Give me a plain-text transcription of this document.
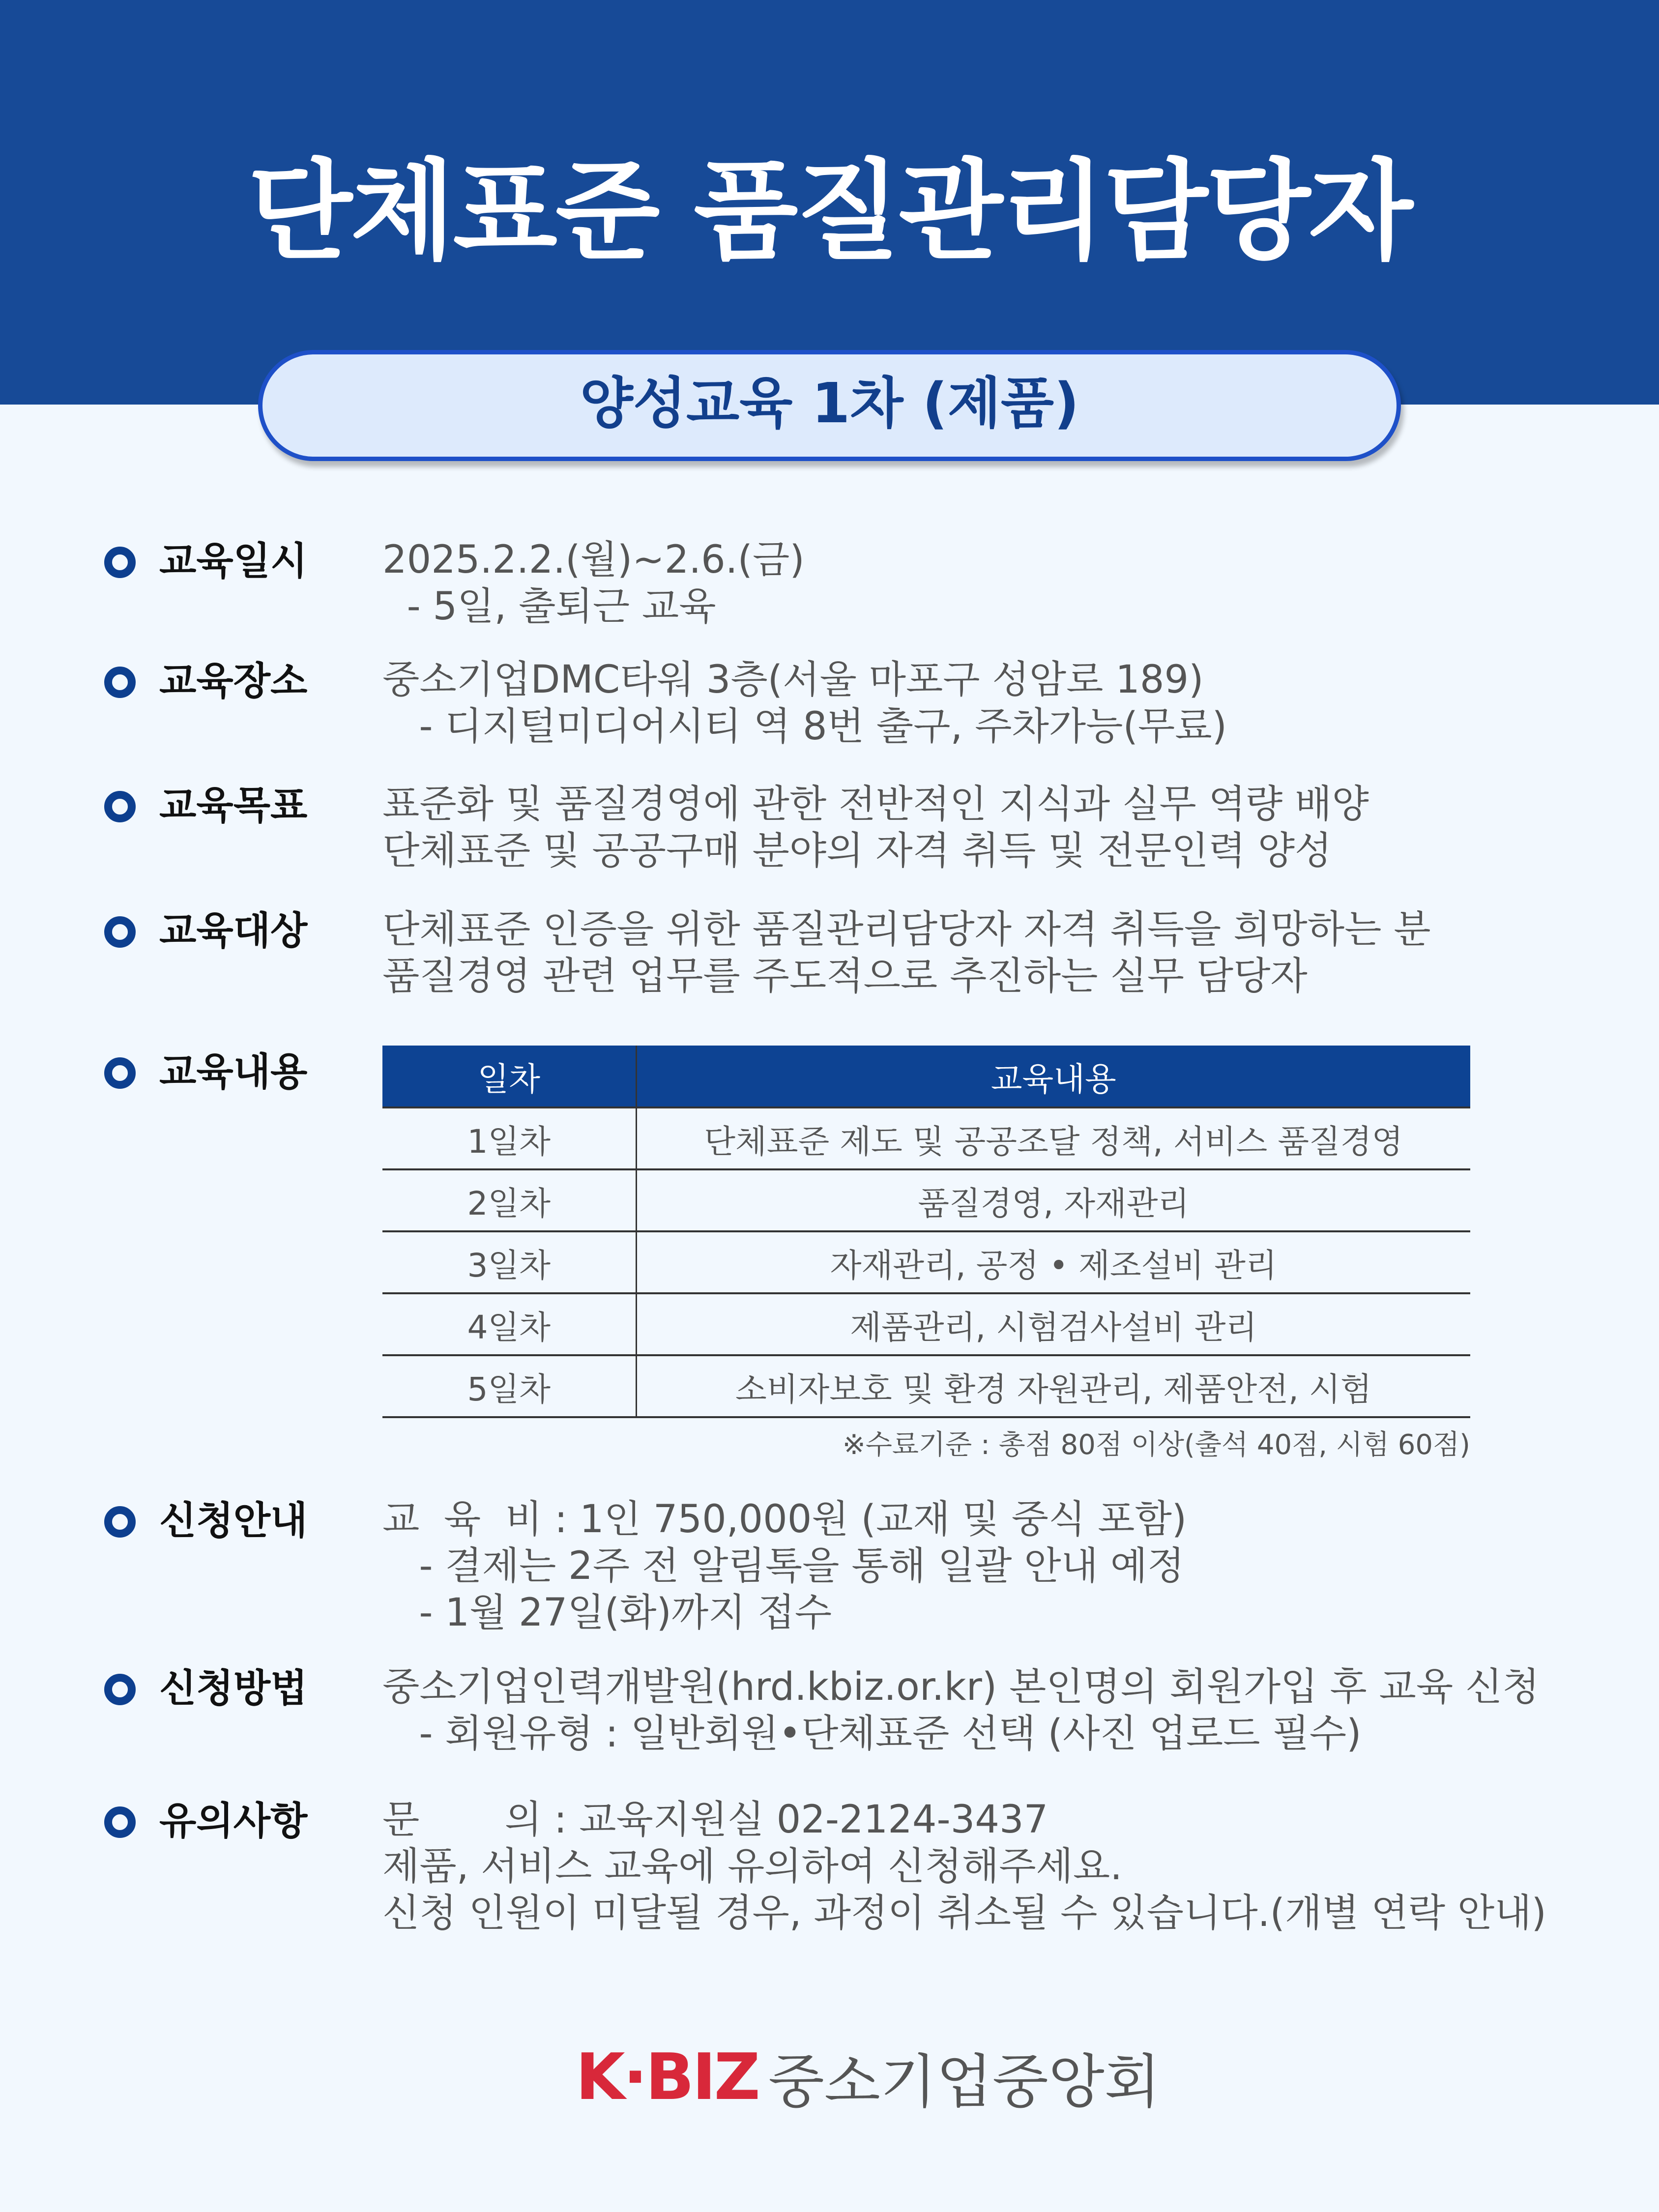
단체표준 품질관리담당자
양성교육 1차 (제품)
교육일시 2025.2.2.(월)~2.6.(금)
- 5일, 출퇴근 교육
교육장소 중소기업DMC타워 3층(서울 마포구 성암로 189)
- 디지털미디어시티 역 8번 출구, 주차가능(무료)
교육목표 표준화 및 품질경영에 관한 전반적인 지식과 실무 역량 배양
단체표준 및 공공구매 분야의 자격 취득 및 전문인력 양성
교육대상 단체표준 인증을 위한 품질관리담당자 자격 취득을 희망하는 분
품질경영 관련 업무를 주도적으로 추진하는 실무 담당자
교육내용
신청안내 교  육  비 : 1인 750,000원 (교재 및 중식 포함)
- 결제는 2주 전 알림톡을 통해 일괄 안내 예정
- 1월 27일(화)까지 접수
신청방법 중소기업인력개발원(hrd.kbiz.or.kr) 본인명의 회원가입 후 교육 신청
- 회원유형 : 일반회원•단체표준 선택 (사진 업로드 필수)
유의사항 문       의 : 교육지원실 02-2124-3437
제품, 서비스 교육에 유의하여 신청해주세요.
신청 인원이 미달될 경우, 과정이 취소될 수 있습니다.(개별 연락 안내)
일차	교육내용
1일차	단체표준 제도 및 공공조달 정책, 서비스 품질경영
2일차	품질경영, 자재관리
3일차	자재관리, 공정 • 제조설비 관리
4일차	제품관리, 시험검사설비 관리
5일차	소비자보호 및 환경 자원관리, 제품안전, 시험
※수료기준 : 총점 80점 이상(출석 40점, 시험 60점)
K·BIZ 중소기업중앙회
